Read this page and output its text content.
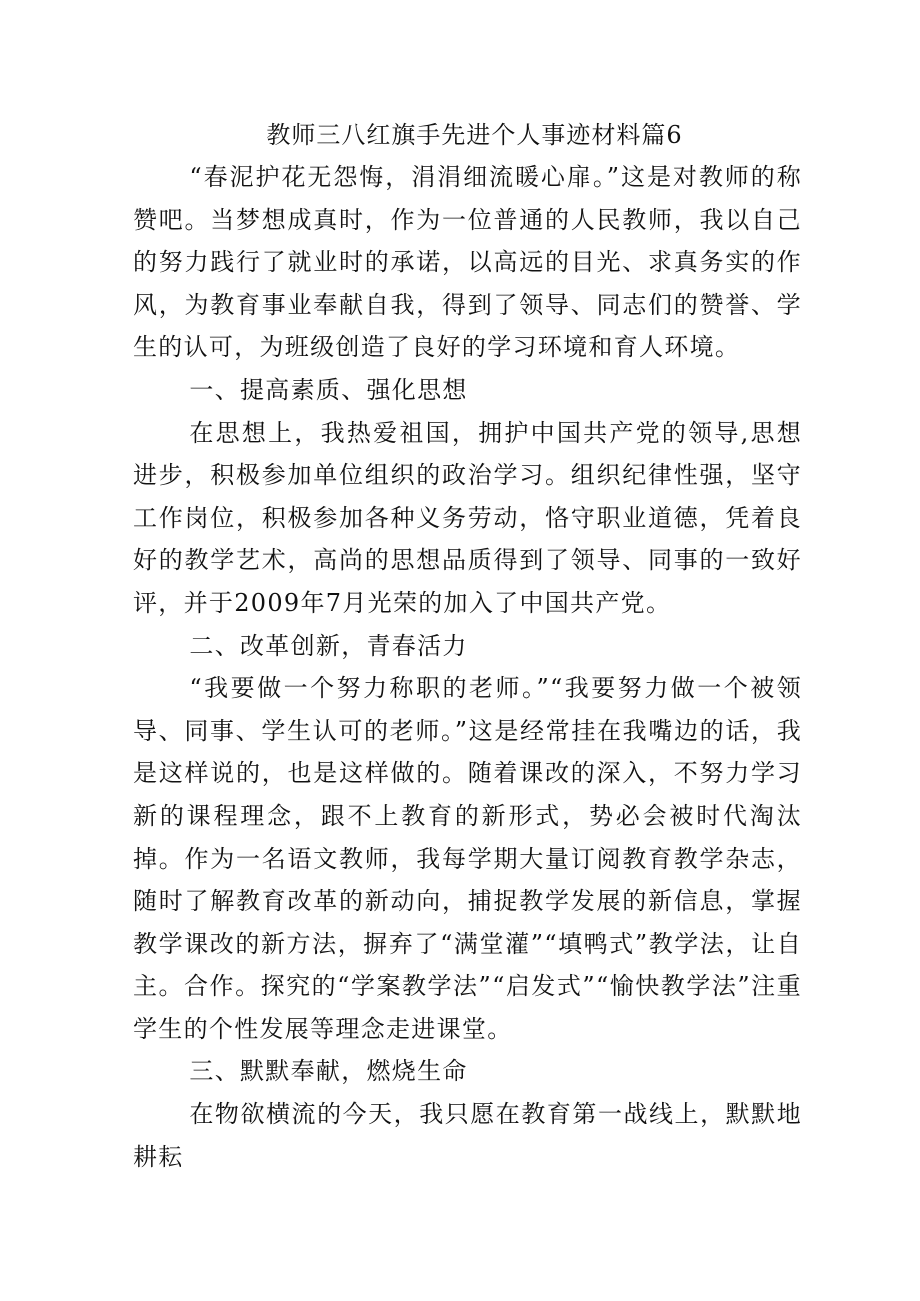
教师三八红旗手先进个人事迹材料篇6

“春泥护花无怨悔，涓涓细流暖心扉。”这是对教师的称赞吧。当梦想成真时，作为一位普通的人民教师，我以自己的努力践行了就业时的承诺，以高远的目光、求真务实的作风，为教育事业奉献自我，得到了领导、同志们的赞誉、学生的认可，为班级创造了良好的学习环境和育人环境。

一、提高素质、强化思想

在思想上，我热爱祖国，拥护中国共产党的领导,思想进步，积极参加单位组织的政治学习。组织纪律性强，坚守工作岗位，积极参加各种义务劳动，恪守职业道德，凭着良好的教学艺术，高尚的思想品质得到了领导、同事的一致好评，并于2009年7月光荣的加入了中国共产党。

二、改革创新，青春活力

“我要做一个努力称职的老师。”“我要努力做一个被领导、同事、学生认可的老师。”这是经常挂在我嘴边的话，我是这样说的，也是这样做的。随着课改的深入，不努力学习新的课程理念，跟不上教育的新形式，势必会被时代淘汰掉。作为一名语文教师，我每学期大量订阅教育教学杂志，随时了解教育改革的新动向，捕捉教学发展的新信息，掌握教学课改的新方法，摒弃了“满堂灌”“填鸭式”教学法，让自主。合作。探究的“学案教学法”“启发式”“愉快教学法”注重学生的个性发展等理念走进课堂。

三、默默奉献，燃烧生命

在物欲横流的今天，我只愿在教育第一战线上，默默地耕耘
